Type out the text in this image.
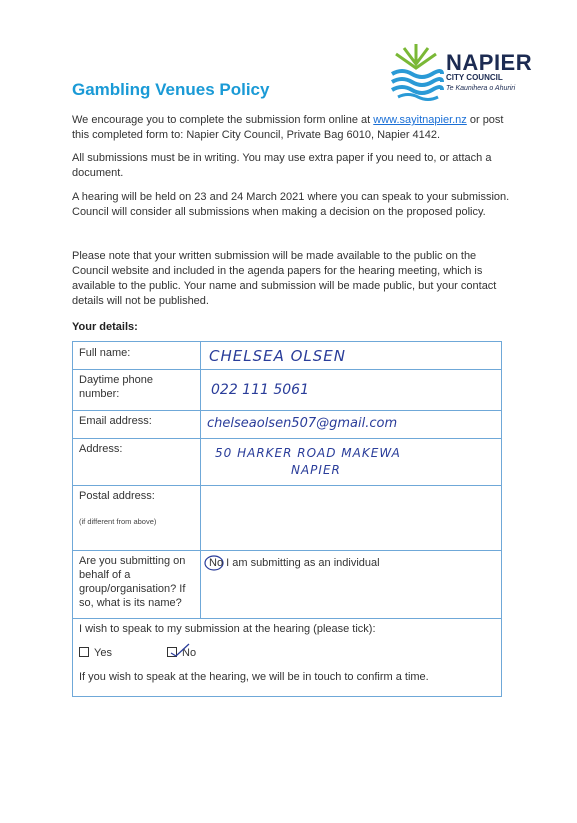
NAPIER
CITY COUNCIL
Te Kaunihera o Ahuriri
Gambling Venues Policy
We encourage you to complete the submission form online at www.sayitnapier.nz or post this completed form to: Napier City Council, Private Bag 6010, Napier 4142.
All submissions must be in writing. You may use extra paper if you need to, or attach a document.
A hearing will be held on 23 and 24 March 2021 where you can speak to your submission. Council will consider all submissions when making a decision on the proposed policy.
Please note that your written submission will be made available to the public on the Council website and included in the agenda papers for the hearing meeting, which is available to the public. Your name and submission will be made public, but your contact details will not be published.
Your details:
Full name:	CHELSEA OLSEN
Daytime phone number:	022 111 5061
Email address:	chelseaolsen507@gmail.com
Address:	50 HARKER ROAD MAKEWA
NAPIER
Postal address:
(if different from above)
Are you submitting on behalf of a group/organisation? If so, what is its name?
No I am submitting as an individual
I wish to speak to my submission at the hearing (please tick):
Yes	No
If you wish to speak at the hearing, we will be in touch to confirm a time.
